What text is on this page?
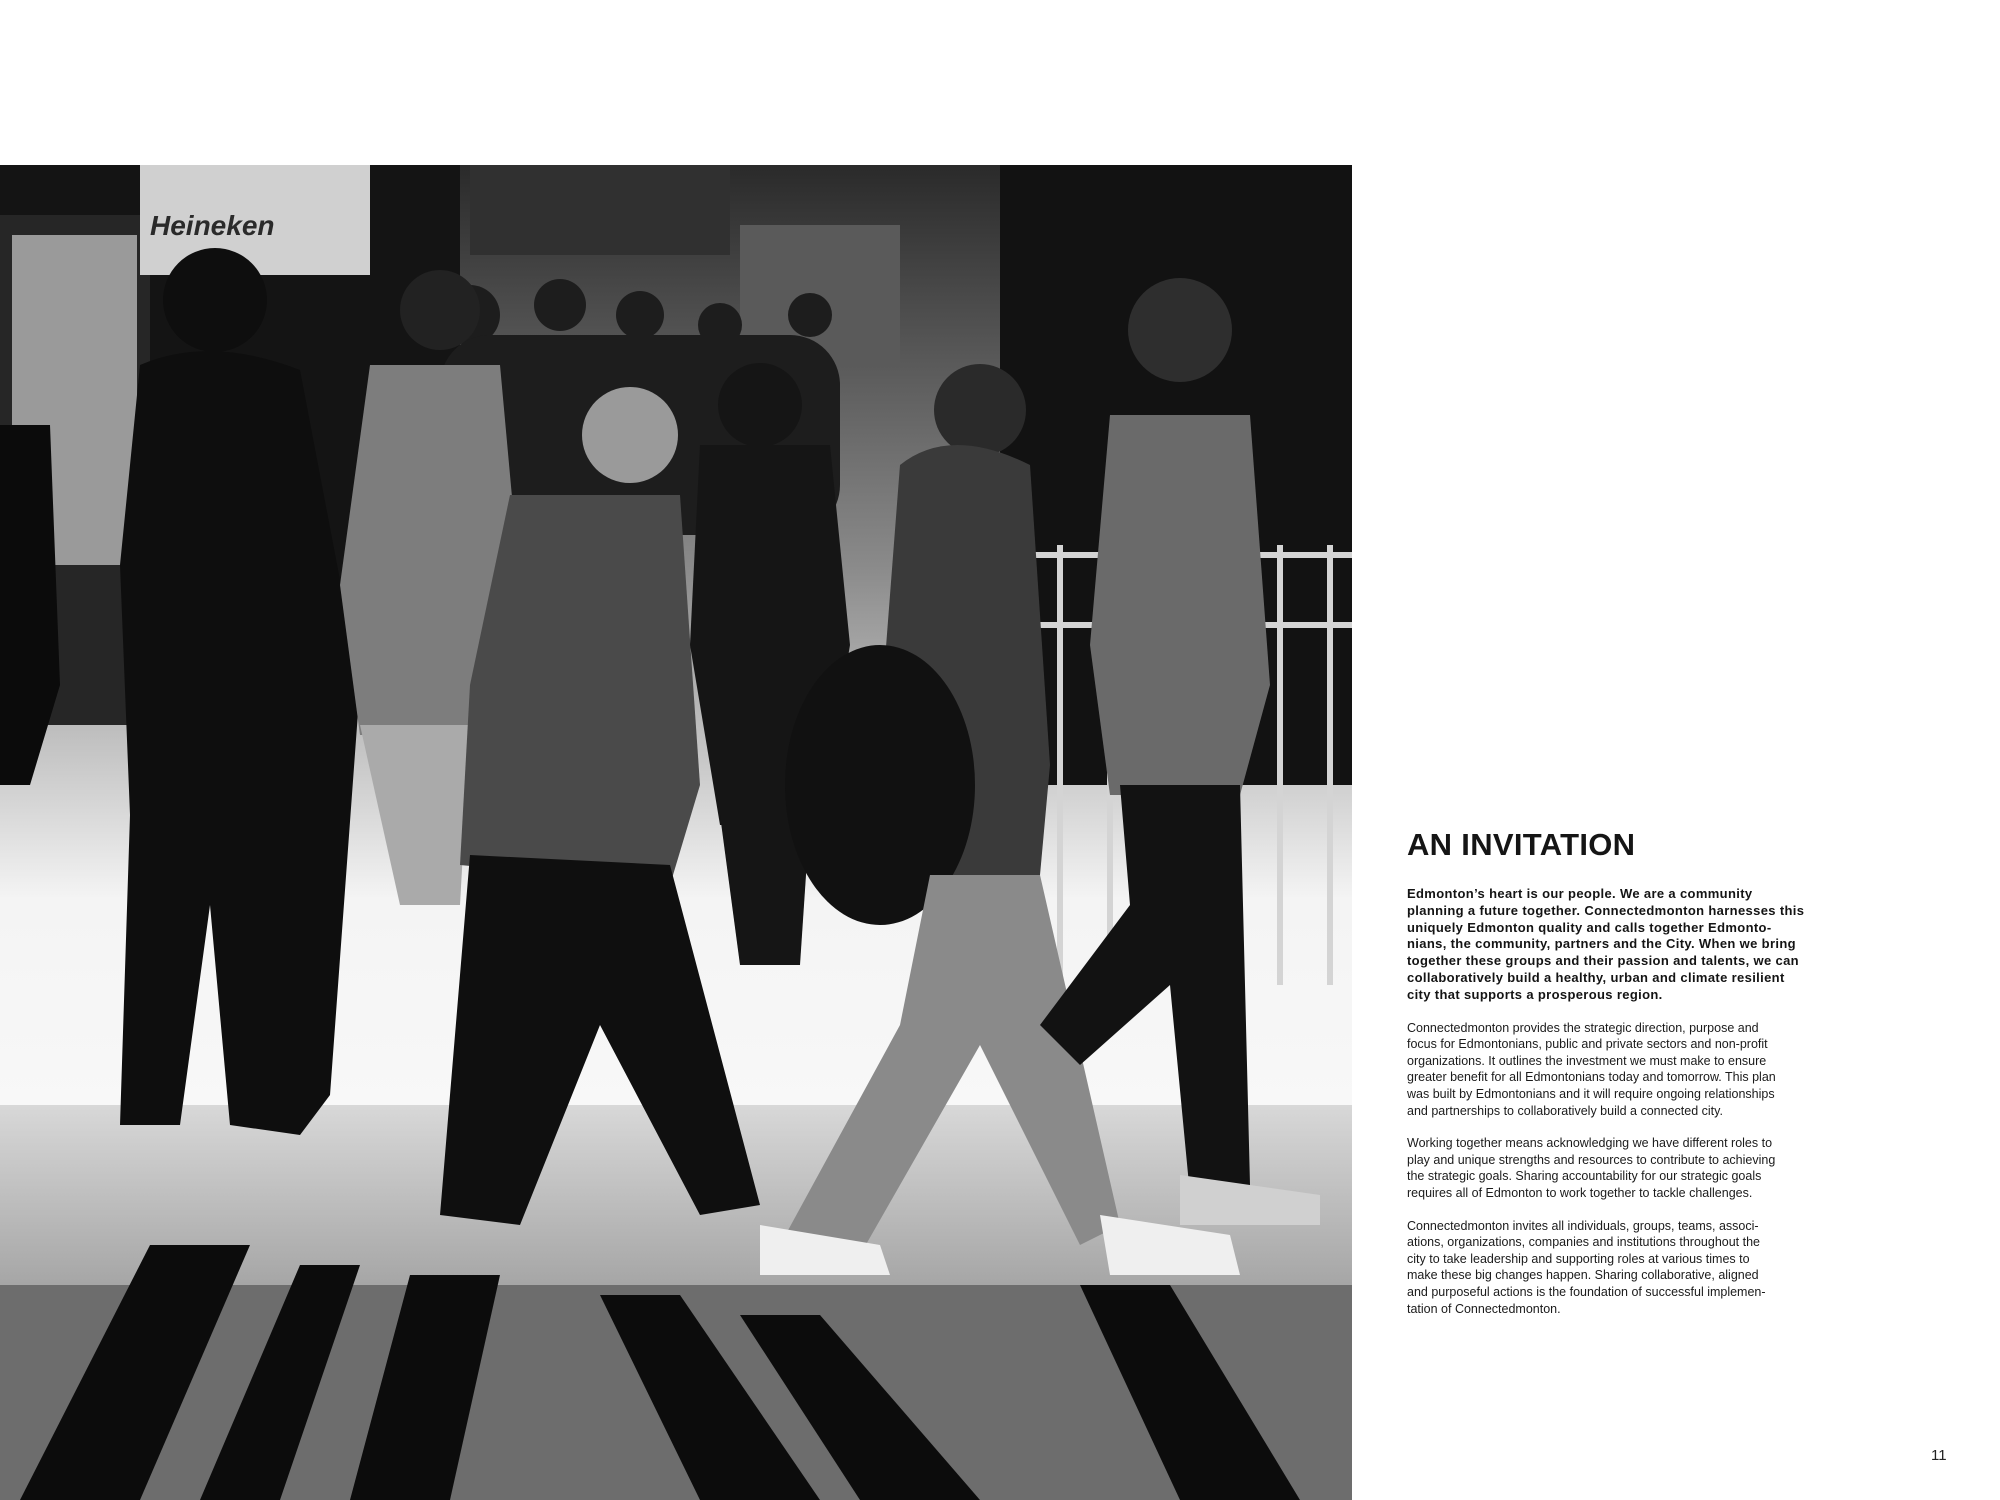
Heineken
AN INVITATION

Edmonton’s heart is our people. We are a community
planning a future together. Connectedmonton harnesses this
uniquely Edmonton quality and calls together Edmonto-
nians, the community, partners and the City. When we bring
together these groups and their passion and talents, we can
collaboratively build a healthy, urban and climate resilient
city that supports a prosperous region.

Connectedmonton provides the strategic direction, purpose and
focus for Edmontonians, public and private sectors and non-profit
organizations. It outlines the investment we must make to ensure
greater benefit for all Edmontonians today and tomorrow. This plan
was built by Edmontonians and it will require ongoing relationships
and partnerships to collaboratively build a connected city.

Working together means acknowledging we have different roles to
play and unique strengths and resources to contribute to achieving
the strategic goals. Sharing accountability for our strategic goals
requires all of Edmonton to work together to tackle challenges.

Connectedmonton invites all individuals, groups, teams, associ-
ations, organizations, companies and institutions throughout the
city to take leadership and supporting roles at various times to
make these big changes happen. Sharing collaborative, aligned
and purposeful actions is the foundation of successful implemen-
tation of Connectedmonton.

11
